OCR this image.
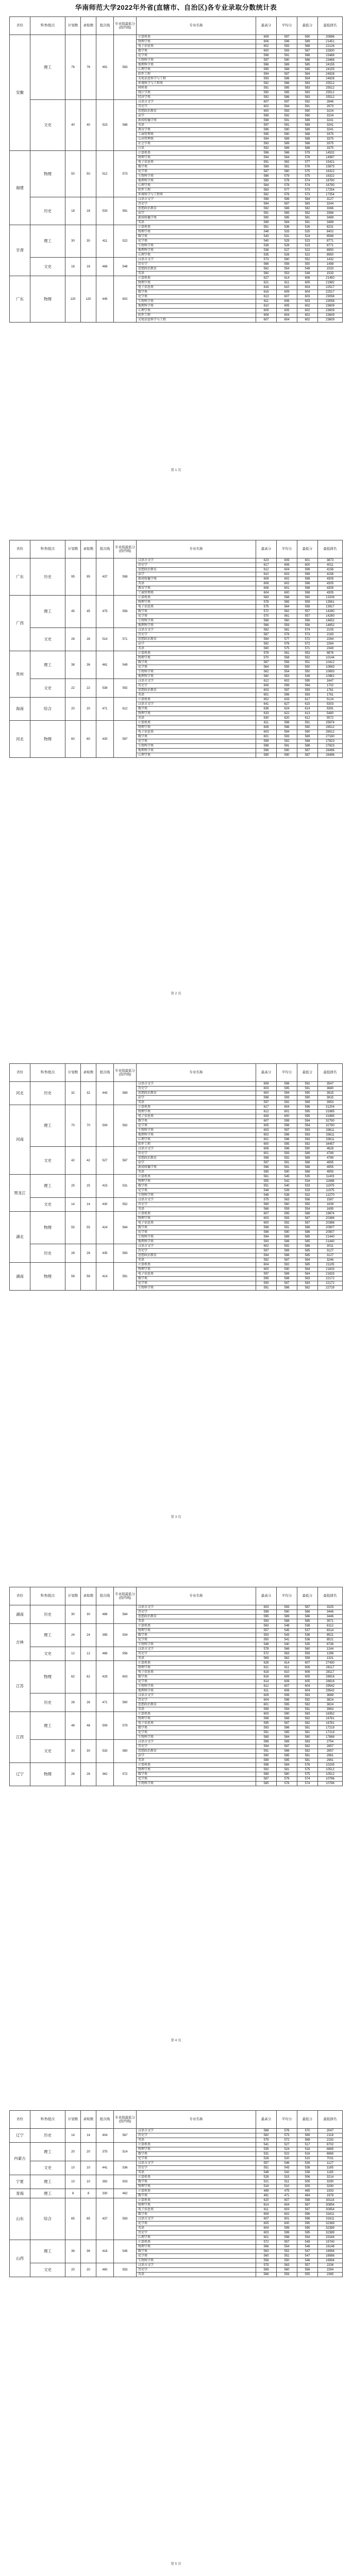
华南师范大学2022年外省(直辖市、自治区)各专业录取分数统计表
省份	科类/批次	计划数	录取数	批次线	专业组最低分(投档线)	专业名称	最高分	平均分	最低分	最低排名
安徽	理工	76	76	491	583	计算机类	609	597	590	20896
						物理学类	606	596	589	21451
						电子信息类	602	593	588	22126
						数学类	600	593	587	22830
						化学类	598	591	586	23468
						生物科学类	597	590	586	23468
						地理科学类	596	589	585	24155
						心理学类	595	588	585	24155
						软件工程	594	587	584	24828
						光电信息科学与工程	593	586	584	24828
						环境科学与工程类	592	586	583	25512
						材料类	591	585	583	25512
						统计学类	590	585	583	25512
						经济学类	592	586	583	25512
	文史	40	40	523	588	汉语言文学	607	597	592	2846
						历史学	602	594	591	2973
						思想政治教育	600	593	590	3104
						法学	599	592	590	3104
						新闻传播学类	598	591	589	3241
						英语	597	591	589	3241
						教育学类	596	590	589	3241
						工商管理类	595	590	588	3375
						公共管理类	594	589	588	3375
						社会学类	593	589	588	3375
						日语	592	589	588	3375
福建	物理	50	50	512	573	计算机类	596	586	579	14532
						物理学类	594	584	578	14987
						电子信息类	591	582	577	15421
						数学类	589	581	576	15873
						化学类	587	580	575	16322
						生物科学类	586	579	575	16322
						地理科学类	585	578	574	16790
						心理学类	584	578	574	16790
						软件工程	583	577	573	17254
						环境科学与工程类	582	576	573	17254
	历史	18	18	533	581	汉语言文学	598	589	584	3127
						历史学	594	587	583	3244
						思想政治教育	592	586	582	3366
						法学	591	585	582	3366
						新闻传播学类	590	585	581	3489
						英语	589	584	581	3489
甘肃	理工	30	30	411	522	计算机类	551	536	526	8231
						物理学类	546	533	525	8402
						数学类	543	531	524	8588
						化学类	540	529	523	8771
						生物科学类	538	528	523	8771
						地理科学类	536	527	522	8950
						心理学类	535	526	522	8950
	文史	16	16	468	548	汉语言文学	573	560	552	1432
						历史学	566	556	550	1498
						思想政治教育	562	554	549	1533
						英语	560	553	549	1533
广东	物理	120	120	445	602	计算机类	627	614	606	21450
						物理学类	621	611	605	21982
						电子信息类	618	610	604	22517
						数学类	616	609	604	22517
						化学类	613	607	603	23058
						生物科学类	611	606	603	23058
						地理科学类	610	605	602	23609
						心理学类	609	605	602	23609
						软件工程	608	604	602	23609
						光电信息科学与工程	607	604	602	23609
第 1 页
省份	科类/批次	计划数	录取数	批次线	专业组最低分(投档线)	专业名称	最高分	平均分	最低分	最低排名
广东	历史	95	95	437	598	汉语言文学	623	609	601	3873
						历史学	617	606	600	4011
						思想政治教育	612	604	599	4156
						法学	610	603	599	4156
						新闻传播学类	609	602	598	4305
						英语	608	602	598	4305
						教育学类	606	601	598	4305
						工商管理类	604	600	598	4305
广西	理工	45	45	475	556	计算机类	583	568	560	13208
						物理学类	578	565	559	13561
						电子信息类	575	564	558	13917
						数学类	572	562	557	14280
						化学类	570	561	557	14280
						生物科学类	568	560	556	14652
						地理科学类	566	559	556	14652
	文史	28	28	514	571	汉语言文学	592	581	574	2105
						历史学	587	578	573	2183
						思想政治教育	584	577	572	2264
						法学	582	576	572	2264
						英语	580	575	571	2349
贵州	理工	38	38	461	549	计算机类	576	561	553	9876
						物理学类	570	558	552	10144
						数学类	567	556	551	10412
						化学类	564	555	550	10693
						生物科学类	562	554	550	10693
						地理科学类	560	553	549	10981
	文史	22	22	538	592	汉语言文学	612	602	595	1647
						历史学	606	599	594	1702
						思想政治教育	603	597	593	1761
						英语	601	596	593	1761
海南	综合	20	20	471	612	计算机类	652	633	617	5124
						汉语言文学	641	627	615	5303
						数学类	636	624	614	5391
						物理学类	633	622	613	5480
						英语	630	620	612	5572
河北	物理	60	60	430	587	计算机类	611	598	591	25874
						物理学类	606	596	590	26512
						电子信息类	603	594	590	26512
						数学类	601	593	589	27160
						化学类	599	592	588	27823
						生物科学类	598	591	588	27823
						地理科学类	596	590	587	28496
						心理学类	595	590	587	28496
第 2 页
省份	科类/批次	计划数	录取数	批次线	专业组最低分(投档线)	专业名称	最高分	平均分	最低分	最低排名
河北	历史	32	32	443	589	汉语言文学	608	598	592	3547
						历史学	603	595	591	3680
						思想政治教育	600	594	590	3815
						法学	598	593	590	3815
						英语	597	592	589	3953
河南	理工	70	70	509	592	计算机类	617	604	596	31204
						物理学类	612	601	595	31985
						电子信息类	609	600	595	31985
						数学类	607	599	594	32790
						化学类	605	598	594	32790
						生物科学类	603	597	593	33611
						地理科学类	602	596	593	33611
						心理学类	601	596	593	33611
						软件工程	600	595	592	34457
	文史	42	42	527	587	汉语言文学	606	596	590	4628
						历史学	601	593	589	4789
						思想政治教育	598	592	589	4789
						法学	597	591	588	4955
						新闻传播学类	596	591	588	4955
						英语	595	590	588	4955
黑龙江	理工	25	25	415	531	计算机类	561	545	535	11403
						物理学类	555	542	534	11688
						数学类	551	540	533	11975
						化学类	548	539	533	11975
						生物科学类	546	538	532	12270
	文史	14	14	430	552	汉语言文学	575	563	556	1587
						历史学	569	560	555	1639
						英语	566	559	554	1695
湖北	物理	55	55	424	584	计算机类	607	595	588	19874
						物理学类	603	593	587	20386
						电子信息类	600	592	587	20386
						数学类	598	591	586	20907
						化学类	596	590	586	20907
						生物科学类	594	589	585	21440
						地理科学类	593	588	585	21440
	历史	28	28	435	583	汉语言文学	602	592	586	3011
						历史学	597	589	585	3127
						思想政治教育	594	588	585	3127
						英语	592	587	584	3246
湖南	物理	58	58	414	581	计算机类	604	592	585	21105
						物理学类	600	590	584	21633
						电子信息类	597	589	584	21633
						数学类	595	588	583	22172
						化学类	593	587	583	22172
						生物科学类	591	586	582	22729
第 3 页
省份	科类/批次	计划数	录取数	批次线	专业组最低分(投档线)	专业名称	最高分	平均分	最低分	最低排名
湖南	历史	30	30	466	584	汉语言文学	603	593	587	3325
						历史学	598	590	586	3446
						思想政治教育	595	589	586	3446
						英语	593	588	585	3571
吉林	理工	24	24	395	534	计算机类	563	548	538	8112
						物理学类	557	545	537	8314
						数学类	553	543	536	8521
						化学类	550	541	536	8521
						生物科学类	548	540	535	8736
	文史	12	12	466	556	汉语言文学	578	566	560	1244
						历史学	572	563	559	1286
						英语	569	562	558	1331
江苏	物理	62	62	429	603	计算机类	626	614	607	27430
						物理学类	621	611	606	28117
						电子信息类	618	610	606	28117
						数学类	616	609	605	28816
						化学类	614	608	605	28816
						生物科学类	612	607	604	29542
						地理科学类	611	606	604	29542
	历史	26	26	471	590	汉语言文学	609	599	593	3689
						历史学	604	596	592	3824
						思想政治教育	601	595	592	3824
						英语	599	594	591	3963
江西	理工	48	48	509	579	计算机类	603	590	583	16352
						物理学类	598	588	582	16781
						电子信息类	595	587	582	16781
						数学类	593	586	581	17219
						化学类	591	585	581	17219
						生物科学类	589	584	580	17668
	文史	30	30	533	580	汉语言文学	598	589	583	2754
						历史学	594	587	582	2857
						思想政治教育	591	586	582	2857
						法学	590	585	581	2961
						英语	589	585	581	2961
辽宁	物理	26	26	362	572	计算机类	598	584	576	10235
						物理学类	592	581	575	10512
						数学类	589	580	575	10512
						化学类	587	579	574	10796
						生物科学类	585	578	574	10796
第 4 页
省份	科类/批次	计划数	录取数	批次线	专业组最低分(投档线)	专业名称	最高分	平均分	最低分	最低排名
辽宁	历史	14	14	404	567	汉语言文学	588	576	570	2047
						历史学	582	573	569	2118
						英语	579	572	568	2192
内蒙古	理工	20	20	375	514	计算机类	541	527	517	6702
						物理学类	535	524	516	6865
						数学类	531	522	516	6865
						化学类	528	520	515	7031
	文史	10	10	441	536	汉语言文学	557	546	539	1127
						历史学	551	543	538	1165
						英语	548	542	538	1165
宁夏	理工	10	10	392	503	计算机类	528	515	506	3214
						数学类	521	511	505	3290
						物理学类	518	510	505	3290
青海	理工	8	8	330	462	计算机类	489	475	465	1933
						数学类	481	471	464	1978
山东	综合	65	65	437	593	计算机类	620	607	598	30116
						物理学类	614	604	597	30854
						电子信息类	611	603	597	30854
						数学类	609	602	596	31611
						汉语言文学	607	601	596	31611
						化学类	605	600	595	32389
						英语	604	599	595	32389
						历史学	603	599	595	32389
						心理学类	601	598	594	33184
山西	理工	36	36	416	545	计算机类	572	557	549	15740
						物理学类	566	554	548	16148
						数学类	563	552	547	16566
						化学类	560	551	547	16566
						生物科学类	558	550	546	16994
	文史	20	20	460	553	汉语言文学	575	563	557	2206
						历史学	569	560	556	2284
						英语	566	559	555	2365
第 5 页
